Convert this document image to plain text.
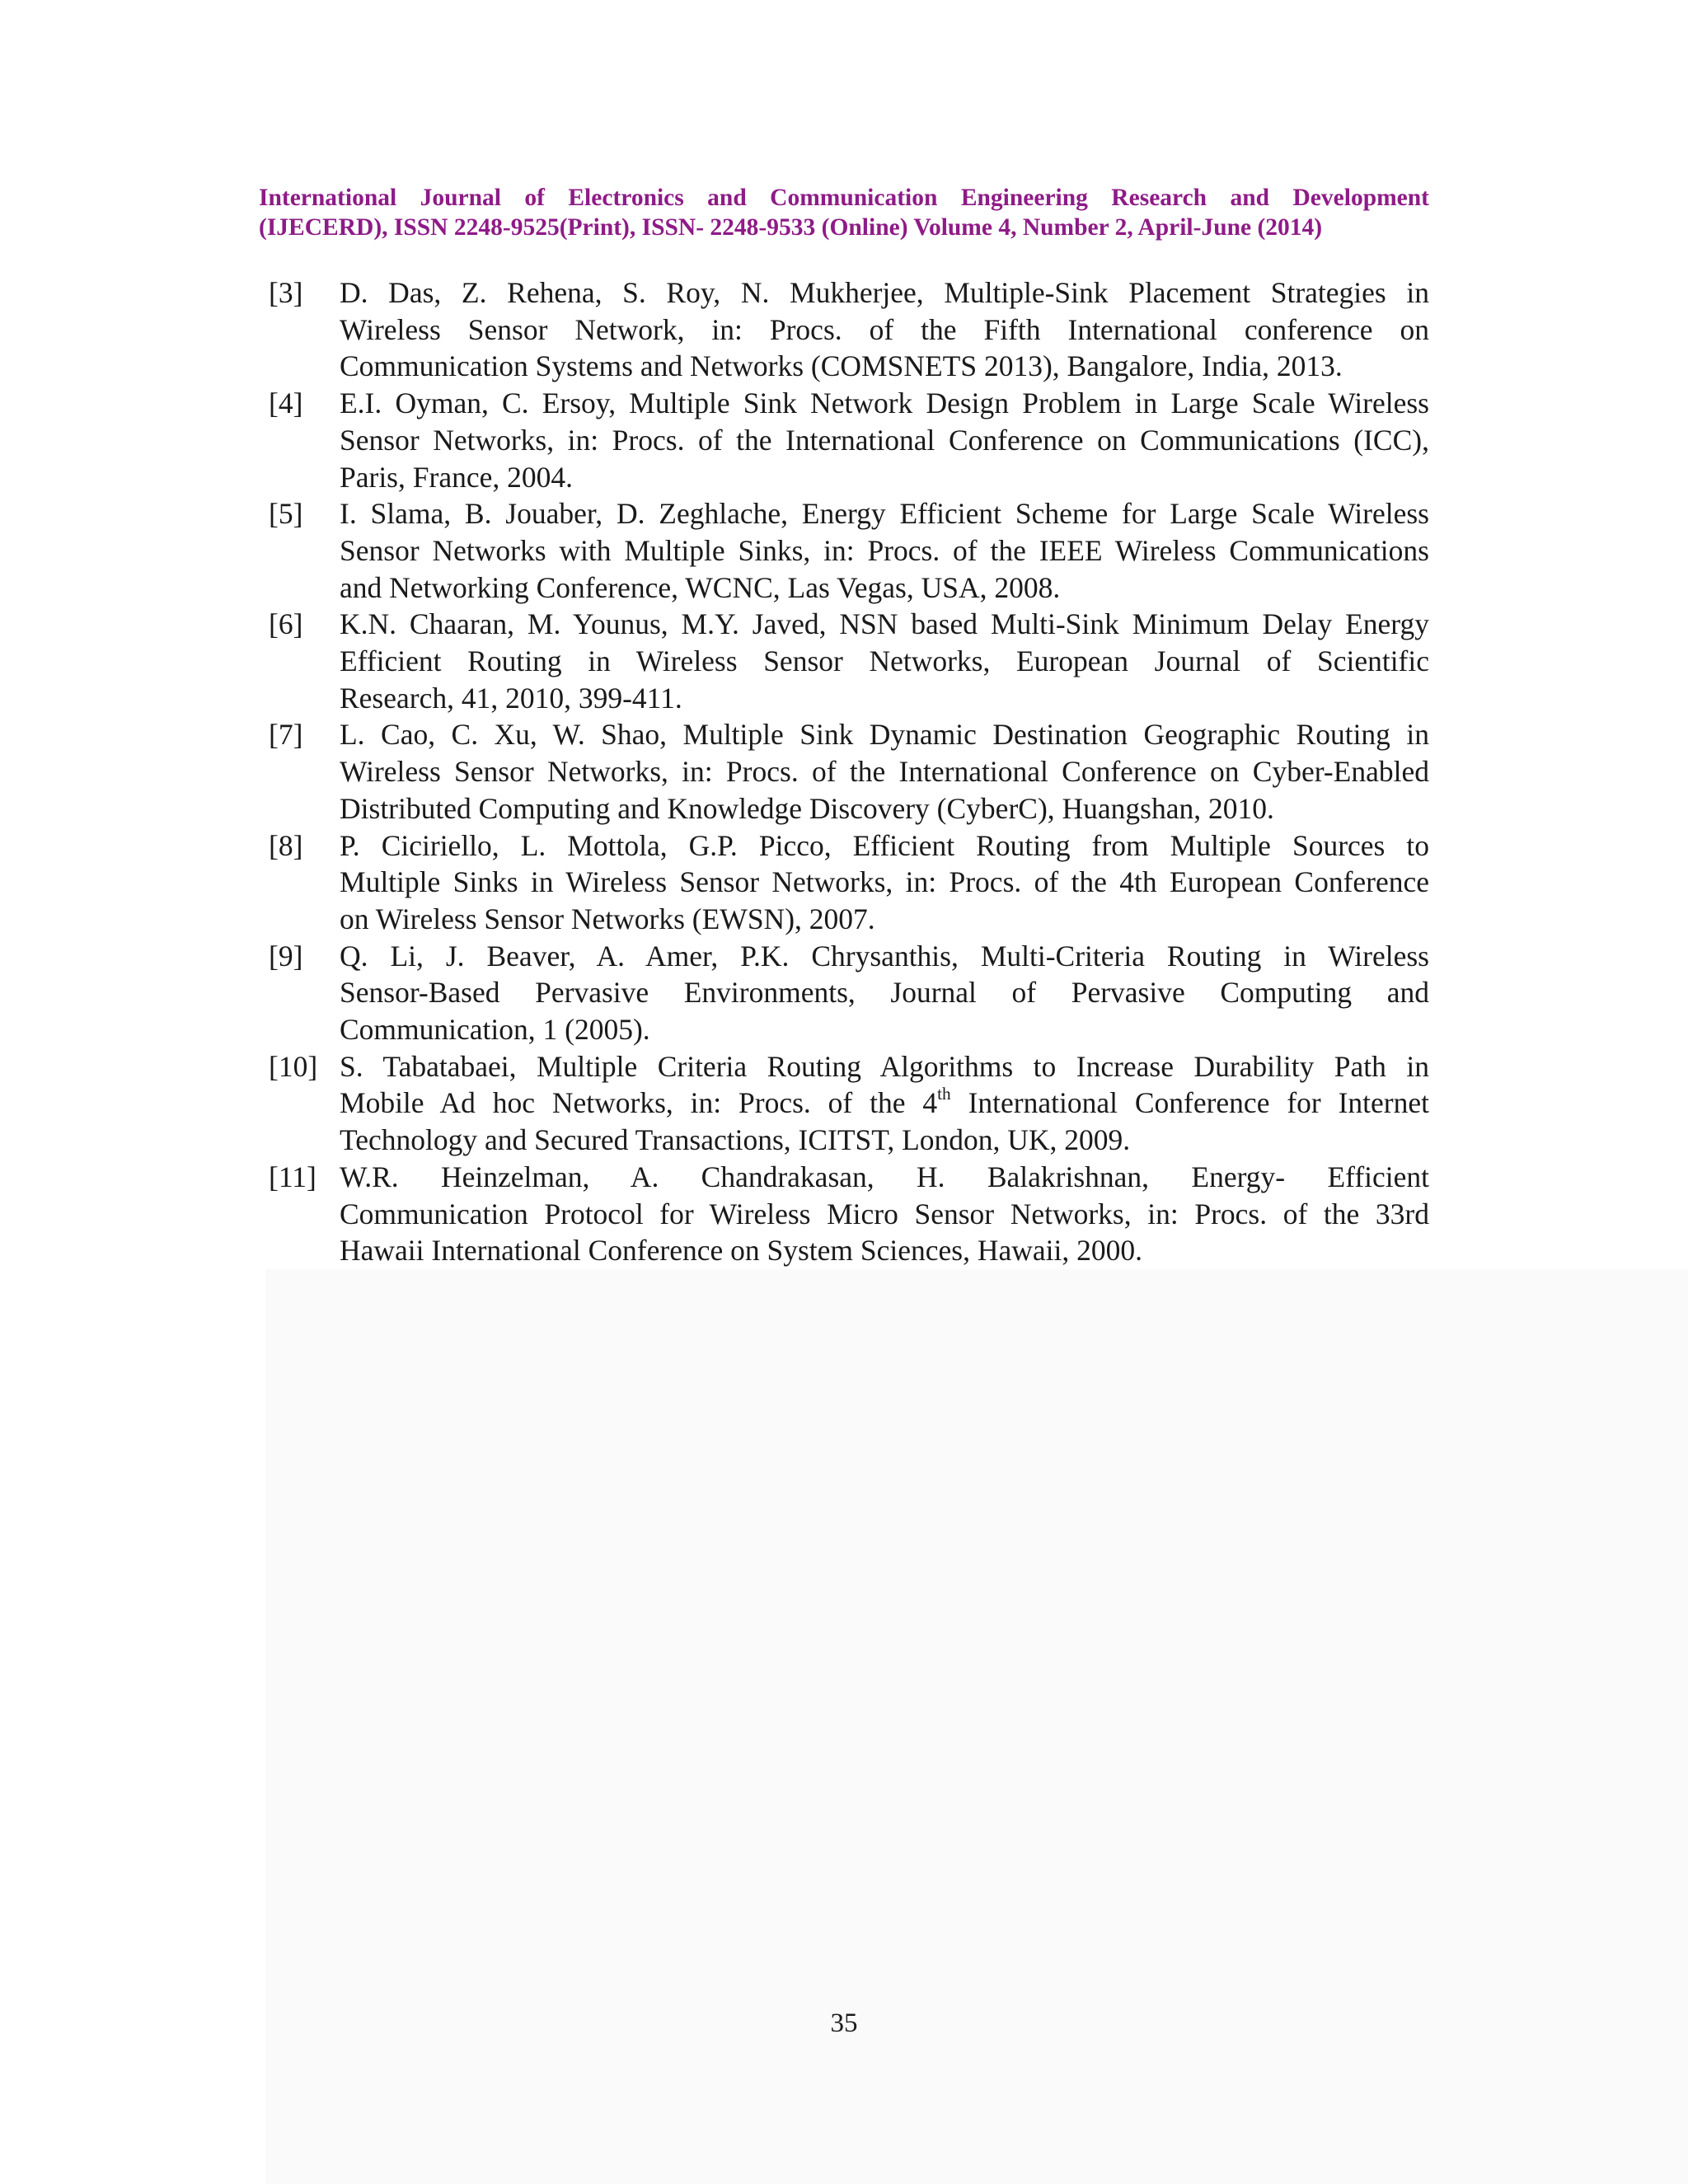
International Journal of Electronics and Communication Engineering Research and Development
(IJECERD), ISSN 2248-9525(Print), ISSN- 2248-9533 (Online) Volume 4, Number 2, April-June (2014)

[3]	D. Das, Z. Rehena, S. Roy, N. Mukherjee, Multiple-Sink Placement Strategies in
Wireless Sensor Network, in: Procs. of the Fifth International conference on
Communication Systems and Networks (COMSNETS 2013), Bangalore, India, 2013.
[4]	E.I. Oyman, C. Ersoy, Multiple Sink Network Design Problem in Large Scale Wireless
Sensor Networks, in: Procs. of the International Conference on Communications (ICC),
Paris, France, 2004.
[5]	I. Slama, B. Jouaber, D. Zeghlache, Energy Efficient Scheme for Large Scale Wireless
Sensor Networks with Multiple Sinks, in: Procs. of the IEEE Wireless Communications
and Networking Conference, WCNC, Las Vegas, USA, 2008.
[6]	K.N. Chaaran, M. Younus, M.Y. Javed, NSN based Multi-Sink Minimum Delay Energy
Efficient Routing in Wireless Sensor Networks, European Journal of Scientific
Research, 41, 2010, 399-411.
[7]	L. Cao, C. Xu, W. Shao, Multiple Sink Dynamic Destination Geographic Routing in
Wireless Sensor Networks, in: Procs. of the International Conference on Cyber-Enabled
Distributed Computing and Knowledge Discovery (CyberC), Huangshan, 2010.
[8]	P. Ciciriello, L. Mottola, G.P. Picco, Efficient Routing from Multiple Sources to
Multiple Sinks in Wireless Sensor Networks, in: Procs. of the 4th European Conference
on Wireless Sensor Networks (EWSN), 2007.
[9]	Q. Li, J. Beaver, A. Amer, P.K. Chrysanthis, Multi-Criteria Routing in Wireless
Sensor-Based Pervasive Environments, Journal of Pervasive Computing and
Communication, 1 (2005).
[10] S. Tabatabaei, Multiple Criteria Routing Algorithms to Increase Durability Path in
Mobile Ad hoc Networks, in: Procs. of the 4th International Conference for Internet
Technology and Secured Transactions, ICITST, London, UK, 2009.
[11] W.R. Heinzelman, A. Chandrakasan, H. Balakrishnan, Energy- Efficient
Communication Protocol for Wireless Micro Sensor Networks, in: Procs. of the 33rd
Hawaii International Conference on System Sciences, Hawaii, 2000.
35
